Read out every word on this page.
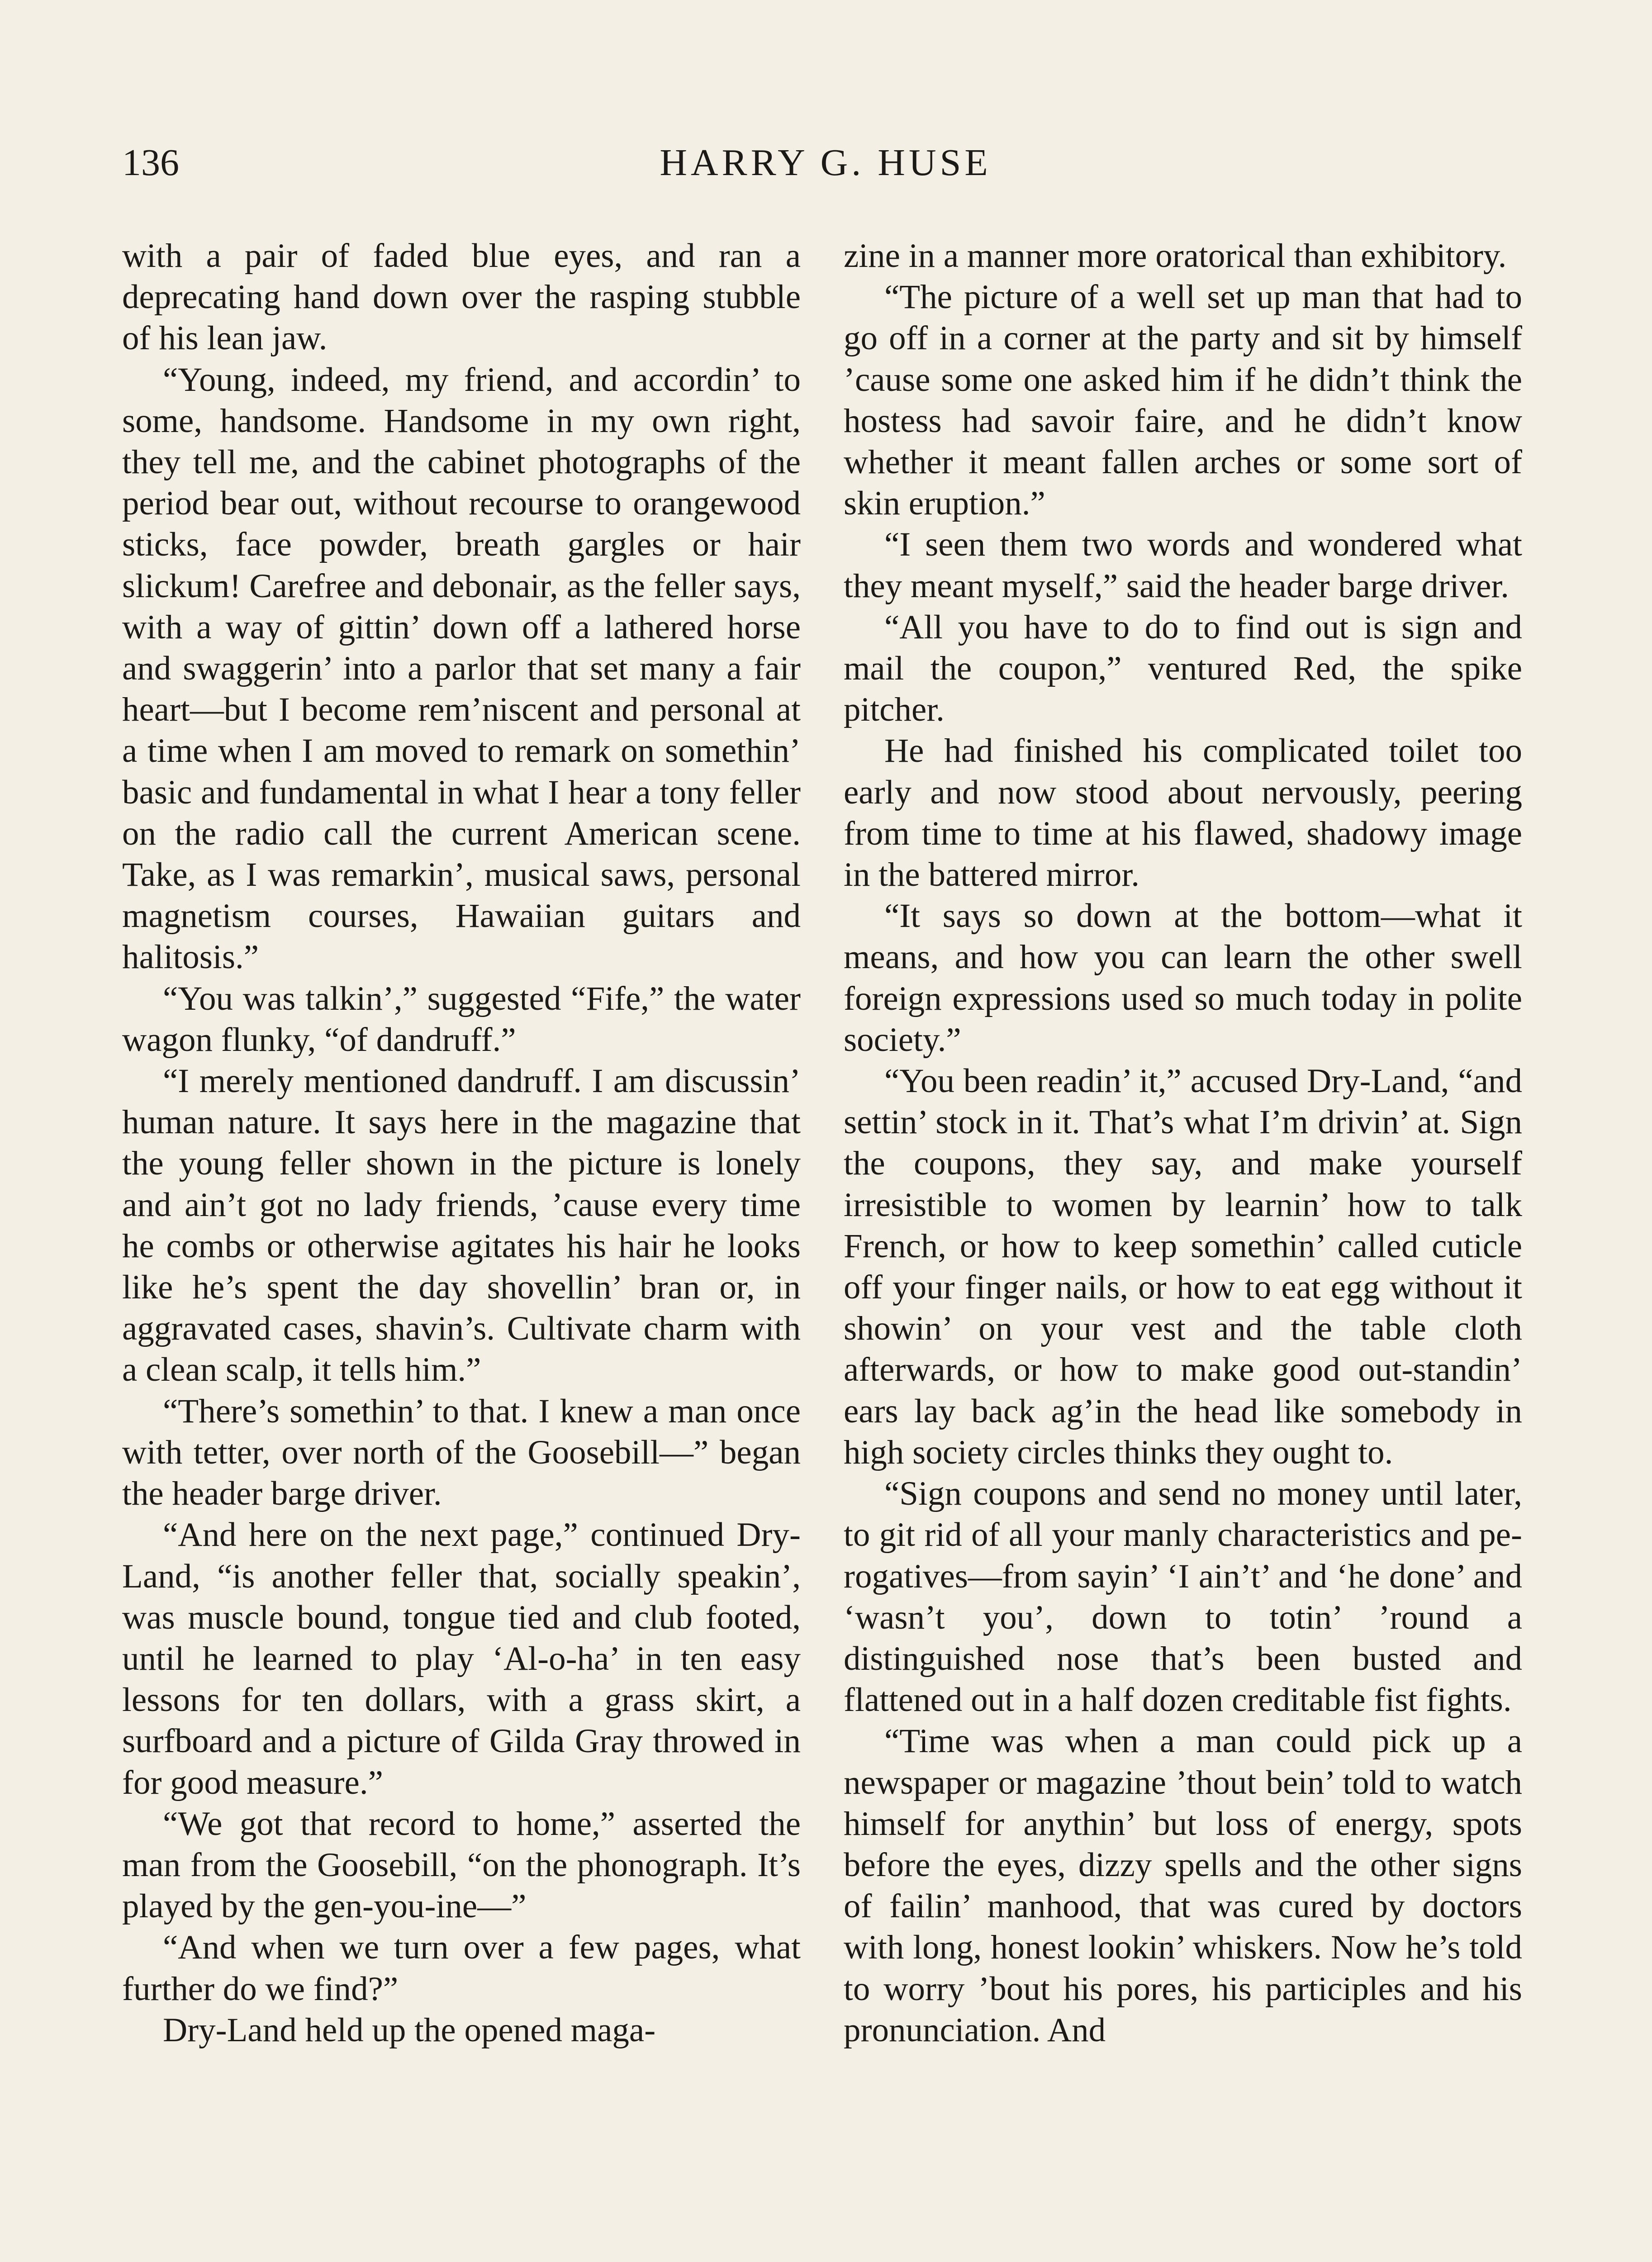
136	HARRY G. HUSE

with a pair of faded blue eyes, and ran a deprecating hand down over the rasping stubble of his lean jaw.

“Young, indeed, my friend, and accordin’ to some, handsome. Handsome in my own right, they tell me, and the cabinet photographs of the period bear out, without recourse to orangewood sticks, face powder, breath gargles or hair slickum! Carefree and debonair, as the feller says, with a way of gittin’ down off a lathered horse and swaggerin’ into a parlor that set many a fair heart—but I become rem’niscent and personal at a time when I am moved to remark on somethin’ basic and fundamental in what I hear a tony feller on the radio call the current American scene. Take, as I was remarkin’, musical saws, personal magnetism courses, Hawaiian guitars and halitosis.”

“You was talkin’,” suggested “Fife,” the water wagon flunky, “of dandruff.”

“I merely mentioned dandruff. I am discussin’ human nature. It says here in the magazine that the young feller shown in the picture is lonely and ain’t got no lady friends, ’cause every time he combs or otherwise agitates his hair he looks like he’s spent the day shovellin’ bran or, in aggravated cases, shavin’s. Cultivate charm with a clean scalp, it tells him.”

“There’s somethin’ to that. I knew a man once with tetter, over north of the Goosebill—” began the header barge driver.

“And here on the next page,” continued Dry-Land, “is another feller that, socially speakin’, was muscle bound, tongue tied and club footed, until he learned to play ‘Al-o-ha’ in ten easy lessons for ten dollars, with a grass skirt, a surfboard and a picture of Gilda Gray throwed in for good measure.”

“We got that record to home,” asserted the man from the Goosebill, “on the phonograph. It’s played by the gen-you-ine—”

“And when we turn over a few pages, what further do we find?”

Dry-Land held up the opened maga-

zine in a manner more oratorical than exhibitory.

“The picture of a well set up man that had to go off in a corner at the party and sit by himself ’cause some one asked him if he didn’t think the hostess had savoir faire, and he didn’t know whether it meant fallen arches or some sort of skin eruption.”

“I seen them two words and wondered what they meant myself,” said the header barge driver.

“All you have to do to find out is sign and mail the coupon,” ventured Red, the spike pitcher.

He had finished his complicated toilet too early and now stood about nervously, peering from time to time at his flawed, shadowy image in the battered mirror.

“It says so down at the bottom—what it means, and how you can learn the other swell foreign expressions used so much today in polite society.”

“You been readin’ it,” accused Dry-Land, “and settin’ stock in it. That’s what I’m drivin’ at. Sign the coupons, they say, and make yourself irresistible to women by learnin’ how to talk French, or how to keep somethin’ called cuticle off your finger nails, or how to eat egg without it showin’ on your vest and the table cloth afterwards, or how to make good out-standin’ ears lay back ag’in the head like somebody in high society circles thinks they ought to.

“Sign coupons and send no money until later, to git rid of all your manly characteristics and pe-rogatives—from sayin’ ‘I ain’t’ and ‘he done’ and ‘wasn’t you’, down to totin’ ’round a distinguished nose that’s been busted and flattened out in a half dozen creditable fist fights.

“Time was when a man could pick up a newspaper or magazine ’thout bein’ told to watch himself for anythin’ but loss of energy, spots before the eyes, dizzy spells and the other signs of failin’ manhood, that was cured by doctors with long, honest lookin’ whiskers. Now he’s told to worry ’bout his pores, his participles and his pronunciation. And
